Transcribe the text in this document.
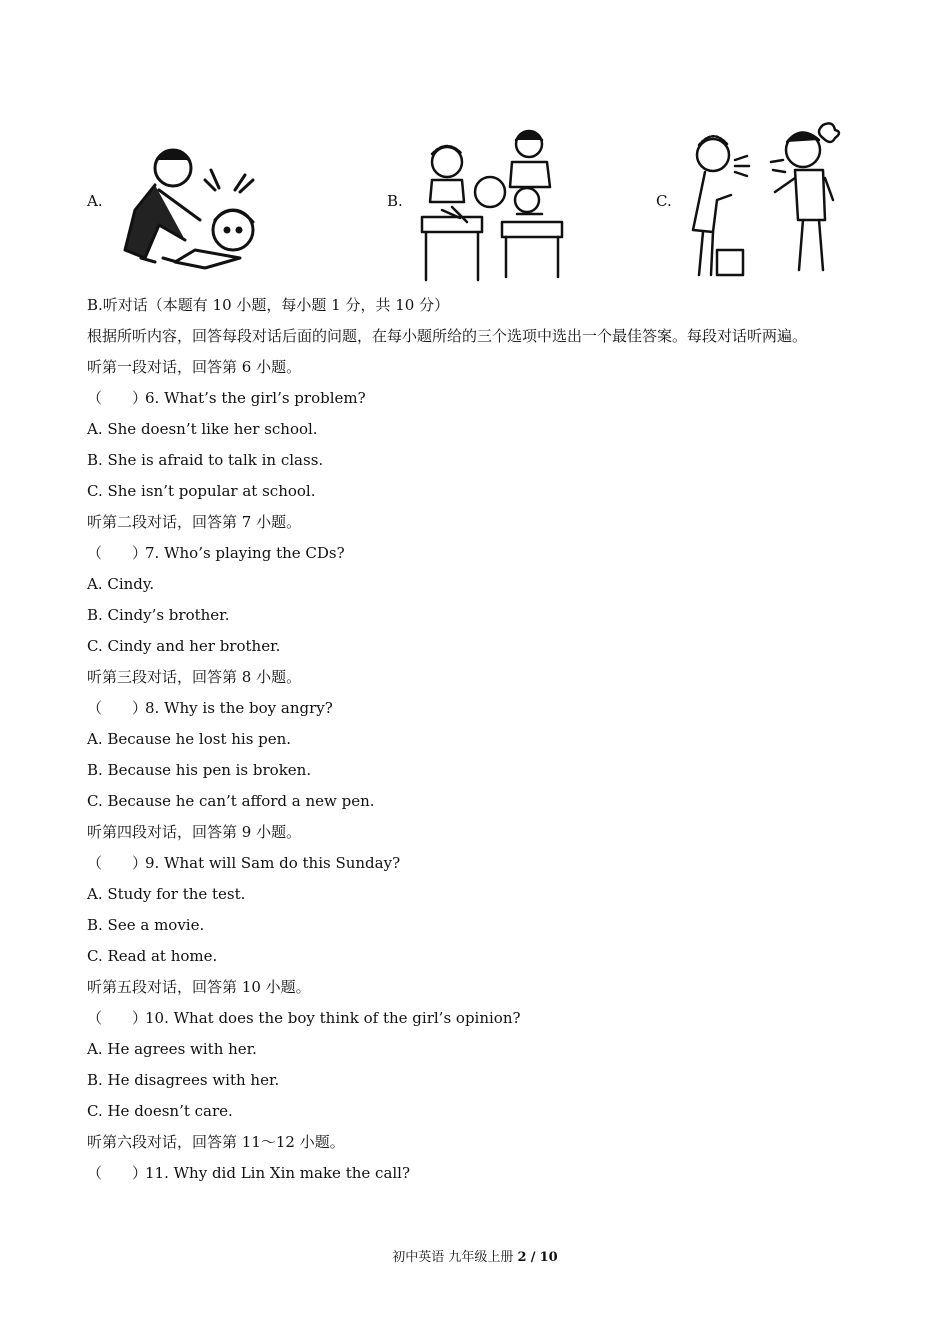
A.	B.	C.
B.听对话（本题有 10 小题，每小题 1 分，共 10 分）
根据所听内容，回答每段对话后面的问题，在每小题所给的三个选项中选出一个最佳答案。每段对话听两遍。
听第一段对话，回答第 6 小题。
（　　）6. What’s the girl’s problem?
A. She doesn’t like her school.
B. She is afraid to talk in class.
C. She isn’t popular at school.
听第二段对话，回答第 7 小题。
（　　）7. Who’s playing the CDs?
A. Cindy.
B. Cindy’s brother.
C. Cindy and her brother.
听第三段对话，回答第 8 小题。
（　　）8. Why is the boy angry?
A. Because he lost his pen.
B. Because his pen is broken.
C. Because he can’t afford a new pen.
听第四段对话，回答第 9 小题。
（　　）9. What will Sam do this Sunday?
A. Study for the test.
B. See a movie.
C. Read at home.
听第五段对话，回答第 10 小题。
（　　）10. What does the boy think of the girl’s opinion?
A. He agrees with her.
B. He disagrees with her.
C. He doesn’t care.
听第六段对话，回答第 11～12 小题。
（　　）11. Why did Lin Xin make the call?
初中英语 九年级上册 2 / 10
